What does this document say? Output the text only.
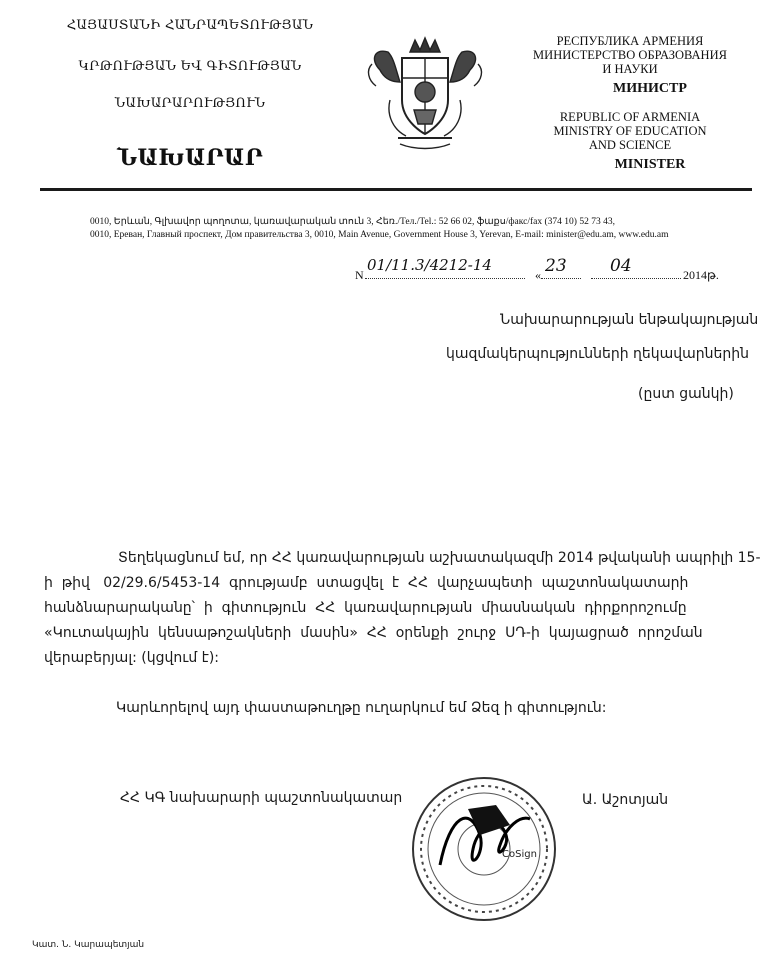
ՀԱՅԱՍՏԱՆԻ ՀԱՆՐԱՊԵՏՈՒԹՅԱՆ
ԿՐԹՈՒԹՅԱՆ ԵՎ ԳԻՏՈՒԹՅԱՆ
ՆԱԽԱՐԱՐՈՒԹՅՈՒՆ
ՆԱԽԱՐԱՐ
РЕСПУБЛИКА АРМЕНИЯ
МИНИСТЕРСТВО ОБРАЗОВАНИЯ
И НАУКИ
МИНИСТР
REPUBLIC OF ARMENIA
MINISTRY OF EDUCATION
AND SCIENCE
MINISTER
0010, Երևան, Գլխավոր պողոտա, կառավարական տուն 3, Հեռ./Тел./Tel.: 52 66 02, ֆաքս/факс/fax (374 10) 52 73 43,
0010, Ереван, Главный проспект, Дом правительства 3, 0010, Main Avenue, Government House 3, Yerevan, E-mail: minister@edu.am, www.edu.am
N
01/11.3/4212-14
« 23	04	2014թ.
Նախարարության ենթակայության
կազմակերպությունների ղեկավարներին
(ըստ ցանկի)
Տեղեկացնում եմ, որ ՀՀ կառավարության աշխատակազմի 2014 թվականի ապրիլի 15-
ի  թիվ   02/29.6/5453-14  գրությամբ  ստացվել  է  ՀՀ  վարչապետի  պաշտոնակատարի
հանձնարարականը՝  ի  գիտություն  ՀՀ  կառավարության  միասնական  դիրքորոշումը
«Կուտակային  կենսաթոշակների  մասին»  ՀՀ  օրենքի  շուրջ  ՍԴ-ի  կայացրած  որոշման
վերաբերյալ: (կցվում է):
Կարևորելով այդ փաստաթուղթը ուղարկում եմ Ձեզ ի գիտություն:
ՀՀ ԿԳ նախարարի պաշտոնակատար
CoSign
Ա. Աշոտյան
Կատ. Ն. Կարապետյան
